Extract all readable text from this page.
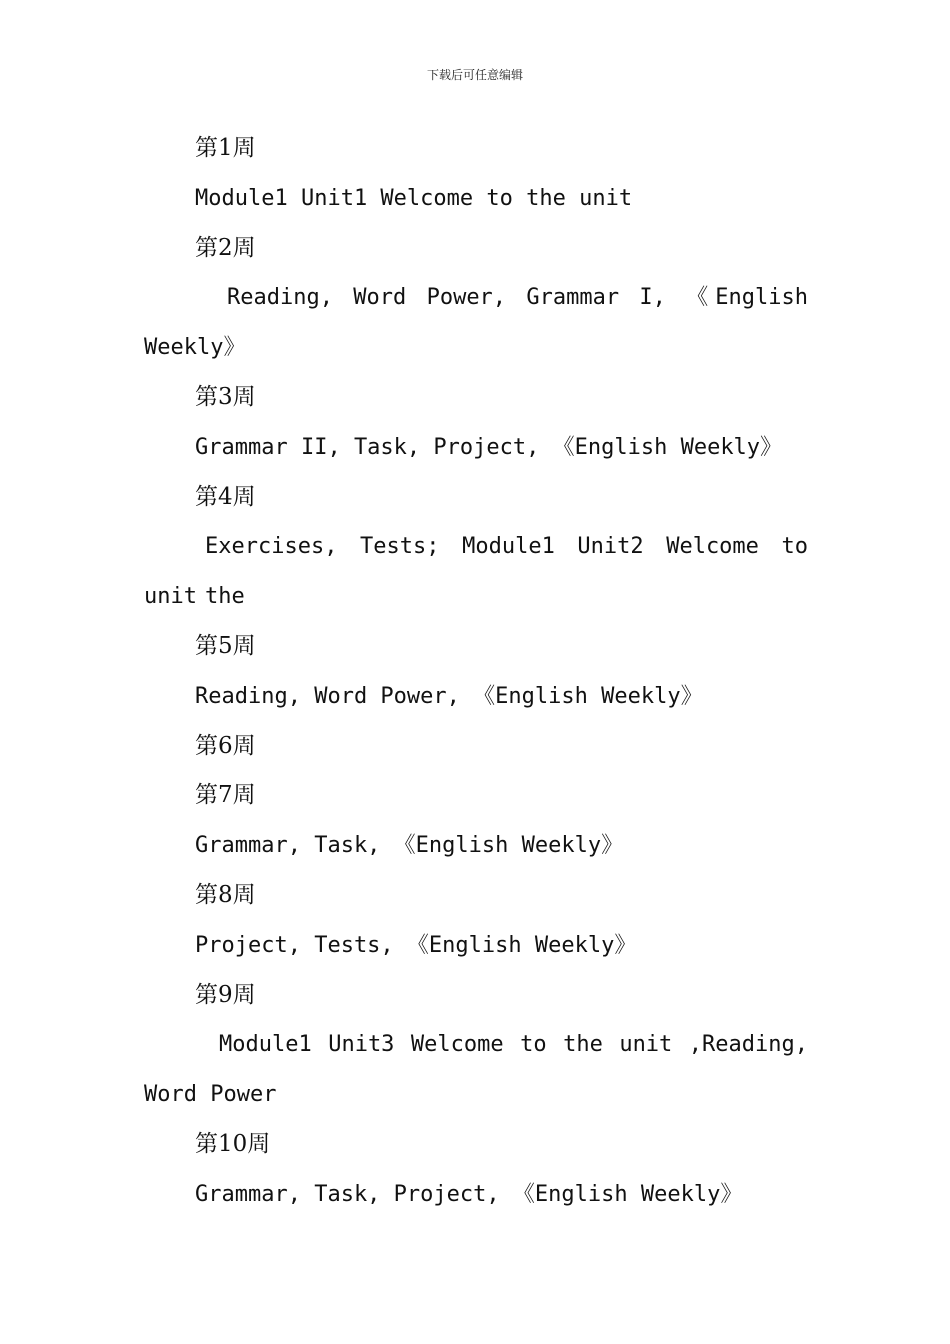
下载后可任意编辑
第1周
Module1 Unit1 Welcome to the unit
第2周
Reading, Word Power, Grammar I, 《English
Weekly》
第3周
Grammar II, Task, Project, 《English Weekly》
第4周
Exercises, Tests; Module1 Unit2 Welcome to the
unit
第5周
Reading, Word Power, 《English Weekly》
第6周
第7周
Grammar, Task, 《English Weekly》
第8周
Project, Tests, 《English Weekly》
第9周
Module1 Unit3 Welcome to the unit ,Reading,
Word Power
第10周
Grammar, Task, Project, 《English Weekly》
